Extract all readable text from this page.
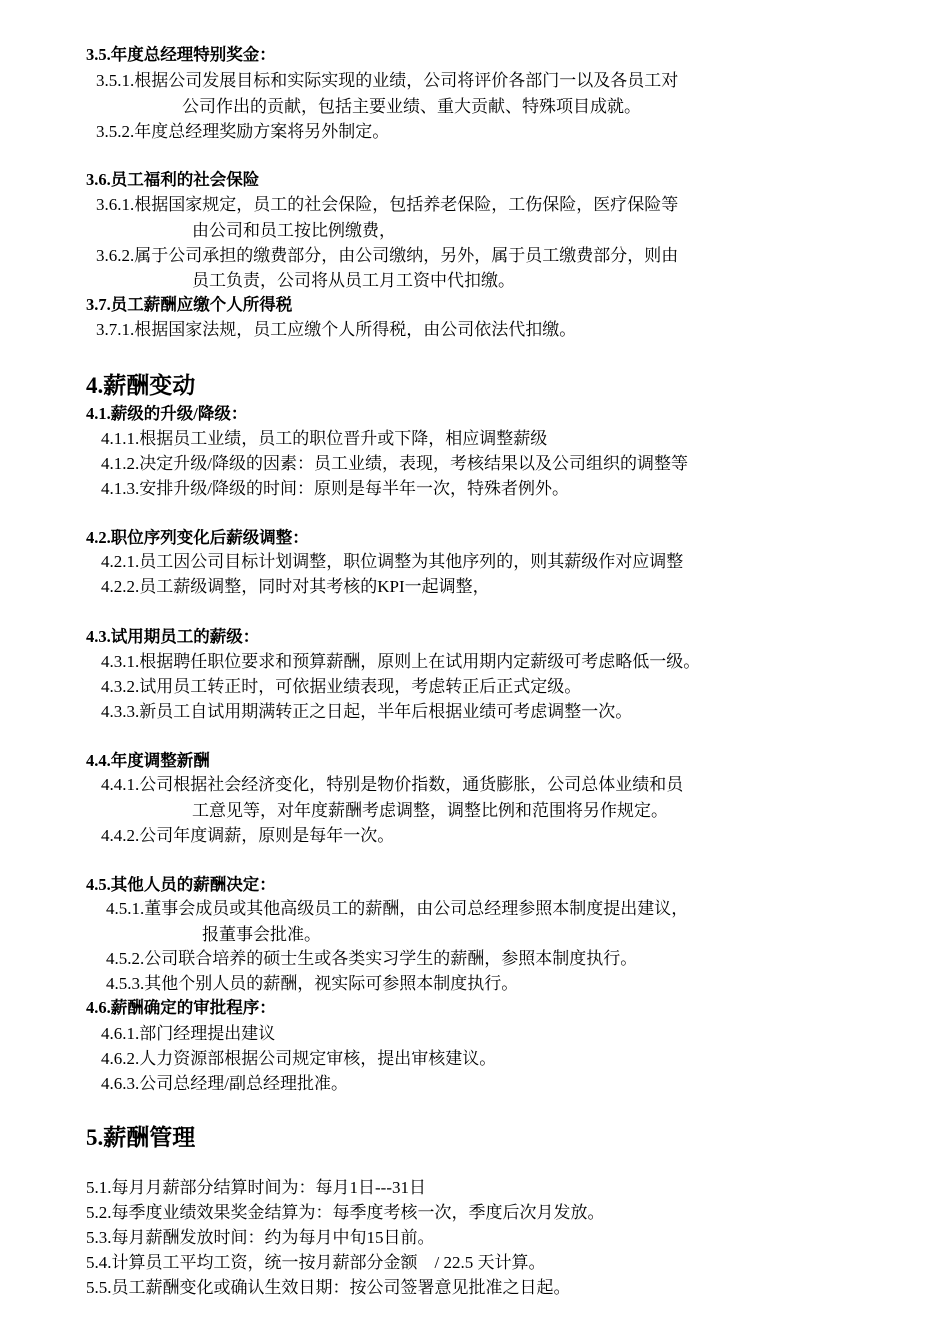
3.5.年度总经理特别奖金：
3.5.1.根据公司发展目标和实际实现的业绩，公司将评价各部门一以及各员工对
公司作出的贡献，包括主要业绩、重大贡献、特殊项目成就。
3.5.2.年度总经理奖励方案将另外制定。
3.6.员工福利的社会保险
3.6.1.根据国家规定，员工的社会保险，包括养老保险，工伤保险，医疗保险等
由公司和员工按比例缴费，
3.6.2.属于公司承担的缴费部分，由公司缴纳，另外，属于员工缴费部分，则由
员工负责，公司将从员工月工资中代扣缴。
3.7.员工薪酬应缴个人所得税
3.7.1.根据国家法规，员工应缴个人所得税，由公司依法代扣缴。
4.薪酬变动
4.1.薪级的升级/降级：
4.1.1.根据员工业绩，员工的职位晋升或下降，相应调整薪级
4.1.2.决定升级/降级的因素：员工业绩，表现，考核结果以及公司组织的调整等
4.1.3.安排升级/降级的时间：原则是每半年一次，特殊者例外。
4.2.职位序列变化后薪级调整：
4.2.1.员工因公司目标计划调整，职位调整为其他序列的，则其薪级作对应调整
4.2.2.员工薪级调整，同时对其考核的KPI一起调整，
4.3.试用期员工的薪级：
4.3.1.根据聘任职位要求和预算薪酬，原则上在试用期内定薪级可考虑略低一级。
4.3.2.试用员工转正时，可依据业绩表现，考虑转正后正式定级。
4.3.3.新员工自试用期满转正之日起，半年后根据业绩可考虑调整一次。
4.4.年度调整新酬
4.4.1.公司根据社会经济变化，特别是物价指数，通货膨胀，公司总体业绩和员
工意见等，对年度薪酬考虑调整，调整比例和范围将另作规定。
4.4.2.公司年度调薪，原则是每年一次。
4.5.其他人员的薪酬决定：
4.5.1.董事会成员或其他高级员工的薪酬，由公司总经理参照本制度提出建议，
报董事会批准。
4.5.2.公司联合培养的硕士生或各类实习学生的薪酬，参照本制度执行。
4.5.3.其他个别人员的薪酬，视实际可参照本制度执行。
4.6.薪酬确定的审批程序：
4.6.1.部门经理提出建议
4.6.2.人力资源部根据公司规定审核，提出审核建议。
4.6.3.公司总经理/副总经理批准。
5.薪酬管理
5.1.每月月薪部分结算时间为：每月1日---31日
5.2.每季度业绩效果奖金结算为：每季度考核一次，季度后次月发放。
5.3.每月薪酬发放时间：约为每月中旬15日前。
5.4.计算员工平均工资，统一按月薪部分金额　/ 22.5 天计算。
5.5.员工薪酬变化或确认生效日期：按公司签署意见批准之日起。
